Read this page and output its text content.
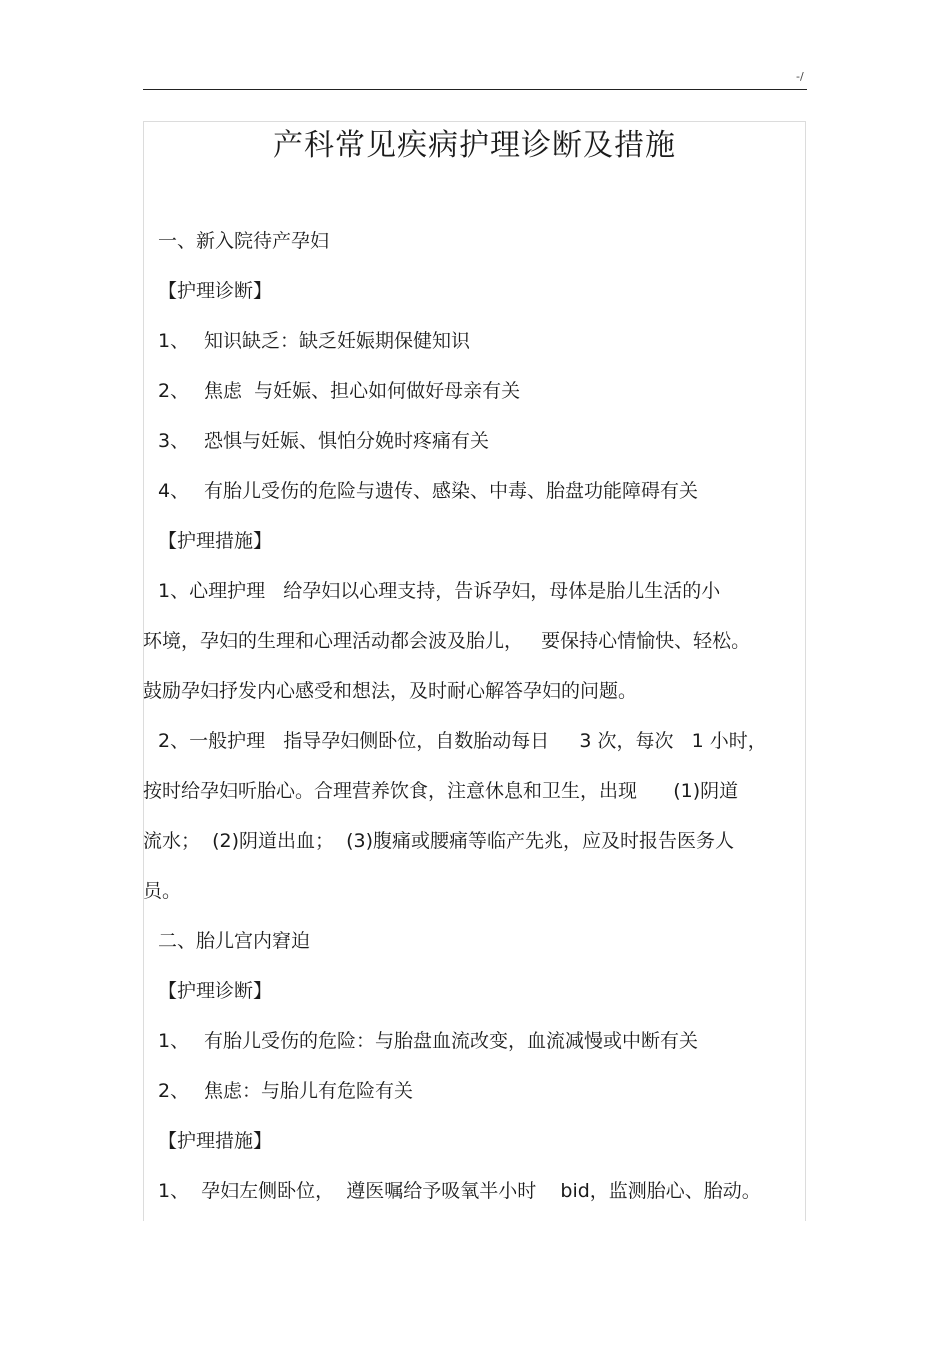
-/
产科常见疾病护理诊断及措施

一、新入院待产孕妇

【护理诊断】

1、 知识缺乏：缺乏妊娠期保健知识

2、 焦虑  与妊娠、担心如何做好母亲有关

3、 恐惧与妊娠、惧怕分娩时疼痛有关

4、 有胎儿受伤的危险与遗传、感染、中毒、胎盘功能障碍有关

【护理措施】

1、心理护理   给孕妇以心理支持，告诉孕妇，母体是胎儿生活的小

环境，孕妇的生理和心理活动都会波及胎儿，   要保持心情愉快、轻松。

鼓励孕妇抒发内心感受和想法，及时耐心解答孕妇的问题。

2、一般护理   指导孕妇侧卧位，自数胎动每日     3 次，每次   1 小时，

按时给孕妇听胎心。合理营养饮食，注意休息和卫生，出现      (1)阴道

流水；  (2)阴道出血；  (3)腹痛或腰痛等临产先兆，应及时报告医务人

员。

二、胎儿宫内窘迫

【护理诊断】

1、 有胎儿受伤的危险：与胎盘血流改变，血流减慢或中断有关

2、 焦虑：与胎儿有危险有关

【护理措施】

1、  孕妇左侧卧位，  遵医嘱给予吸氧半小时    bid，监测胎心、胎动。
